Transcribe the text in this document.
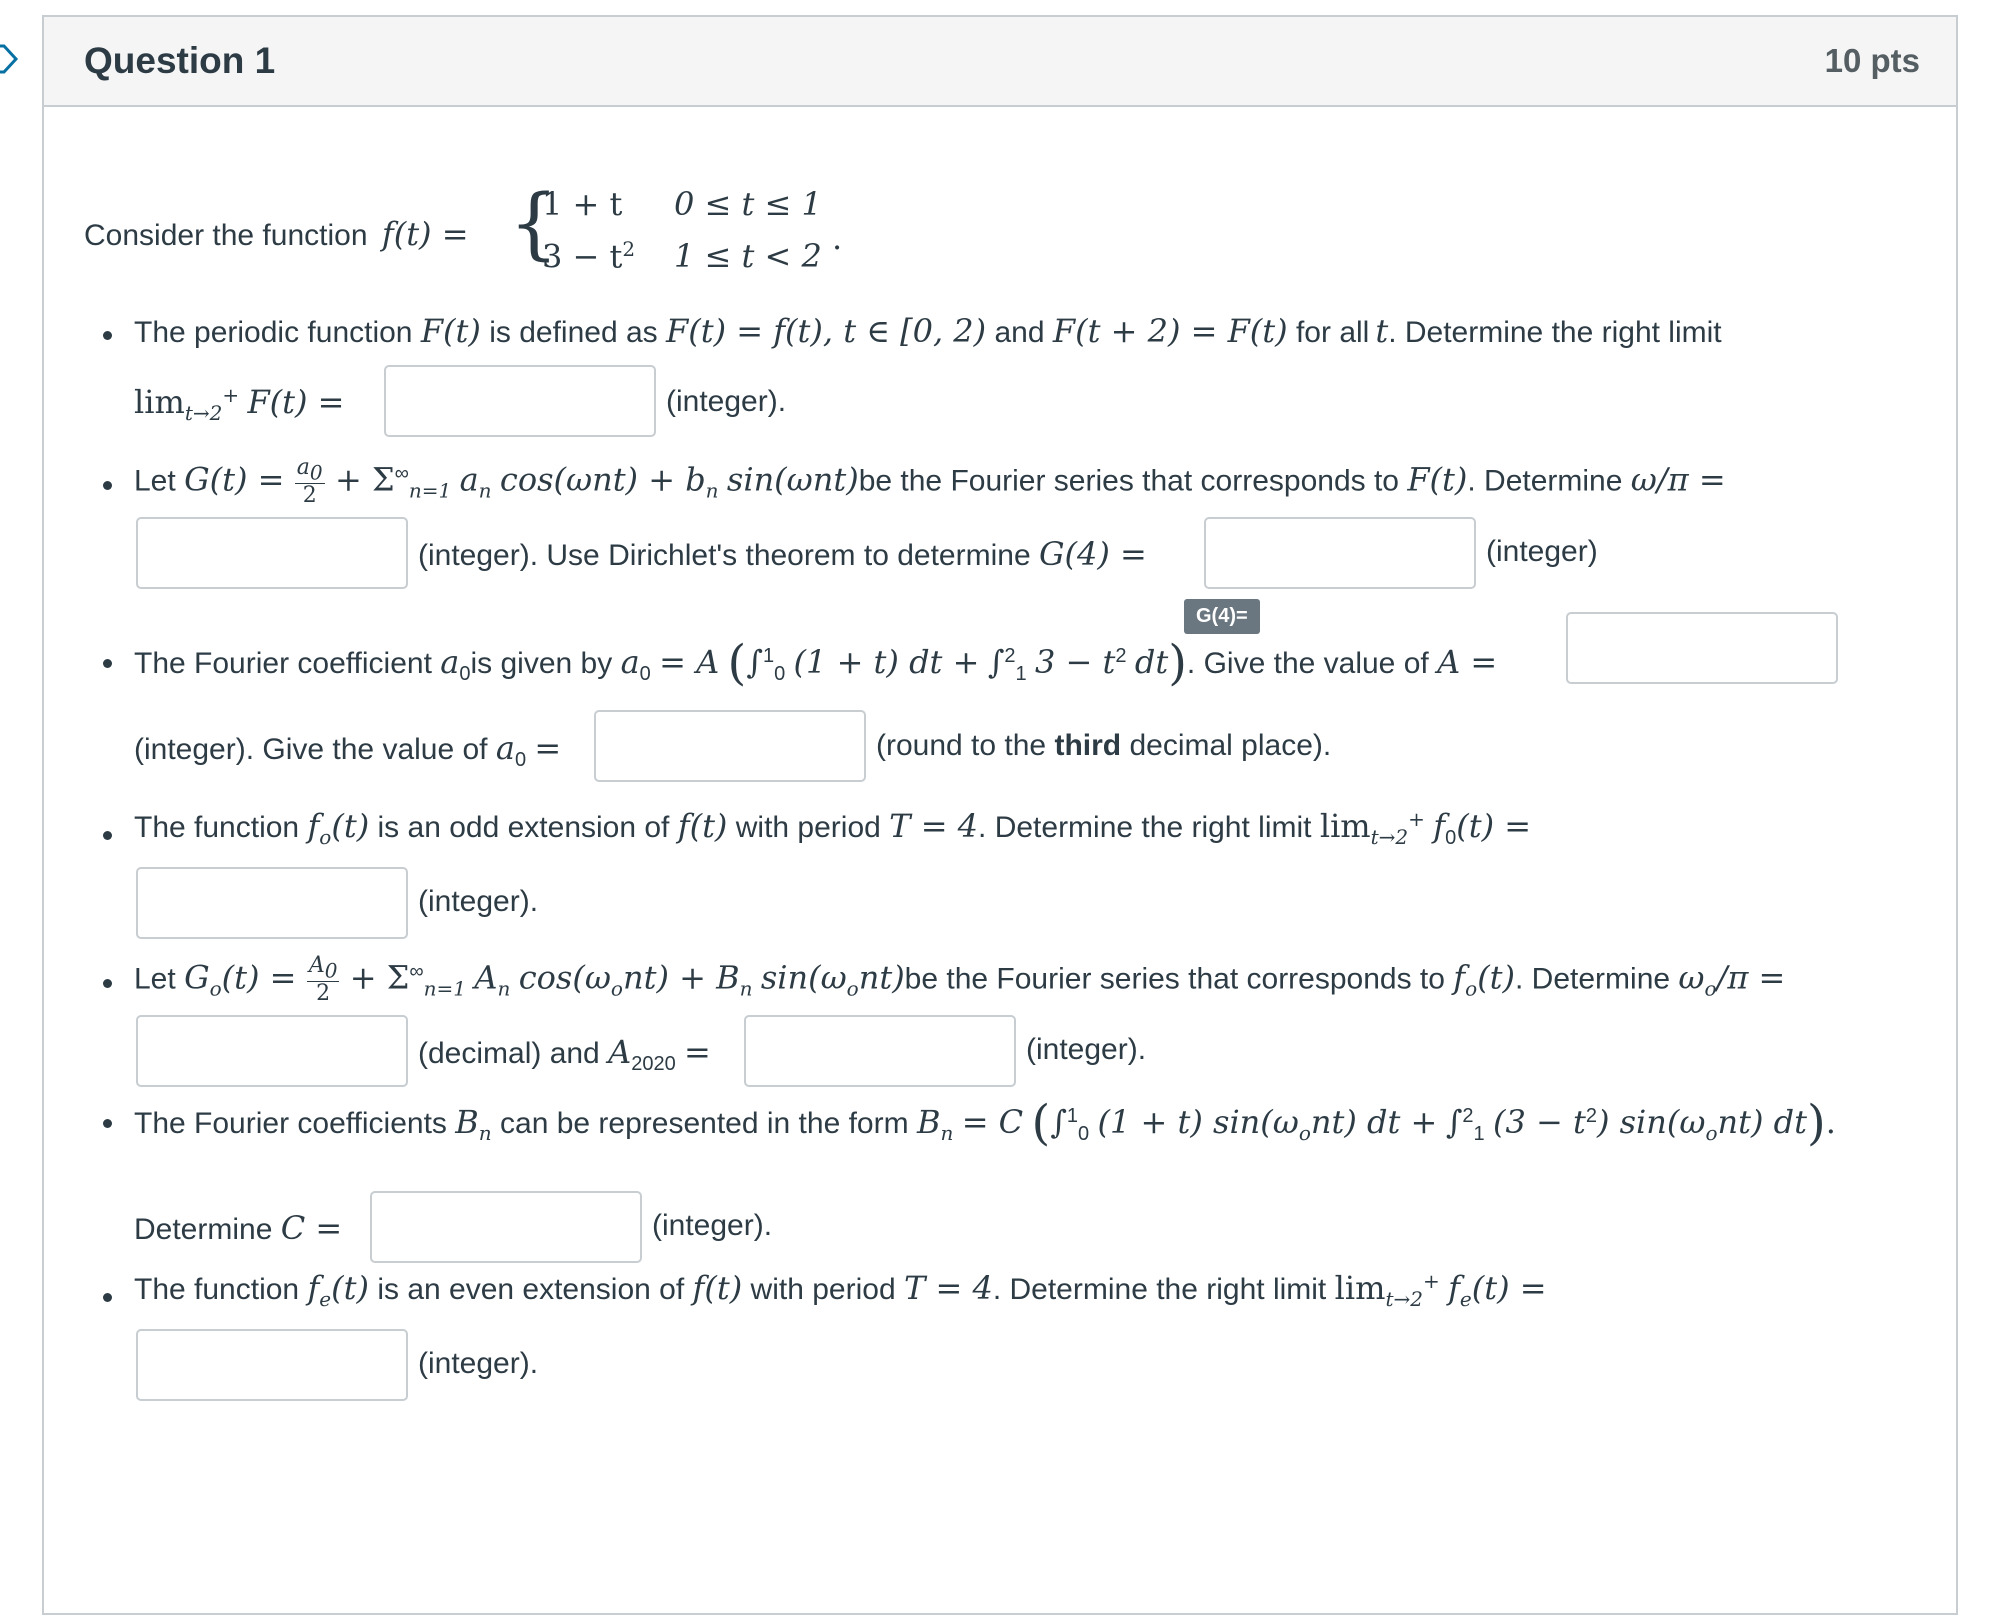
Question 1	10 pts
Consider the function f(t) = {
1 + t 0 ≤ t ≤ 1
$3 - t^2$ 1 ≤ t < 2 .
The periodic function F(t) is defined as F(t) = f(t), t ∈ [0, 2) and F(t + 2) = F(t) for all t. Determine the right limit
$\lim_{t\to 2}^+ F(t)$ =	(integer).
Let $G(t) = \frac{a_0}{2} + \Sigma^\infty_{n=1}$ $a_n$ $\cos(\omega nt) + b_n$ sin(ωnt)be the Fourier series that corresponds to F(t). Determine ω/π =
(integer). Use Dirichlet's theorem to determine G(4) =	(integer)
G(4)=
The Fourier coefficient $a_0is$ given by $a_0 = A$ (∫$^1_0$ (1 + t) dt + ∫$^2_1$ $3 - t^2$ dt). Give the value of A =
(integer). Give the value of $a_0$ =	(round to the third decimal place).
The function $f_o(t)$ is an odd extension of f(t) with period T = 4. Determine the right limit $\lim_{t\to 2}^+ f_0(t)$ =
(integer).
Let $G_o(t) = \frac{A_0}{2} + \Sigma^\infty_{n=1}$ $A_n$ $\cos(\omega_ont) + B_n$ $\sin(\omega_ont)be$ the Fourier series that corresponds to $f_o(t)$. Determine $\omega_o/\pi$ =
(decimal) and $A_{2020}$ =	(integer).
The Fourier coefficients $B_n$ can be represented in the form $B_n = C$ (∫$^1_0$ (1 + t) $\sin(\omega_ont)$ dt + ∫$^2_1$ $(3 - t^2)$ $\sin(\omega_ont)$ dt).
Determine C =	(integer).
The function $f_e(t)$ is an even extension of f(t) with period T = 4. Determine the right limit $\lim_{t\to 2}^+ f_e(t)$ =
(integer).
